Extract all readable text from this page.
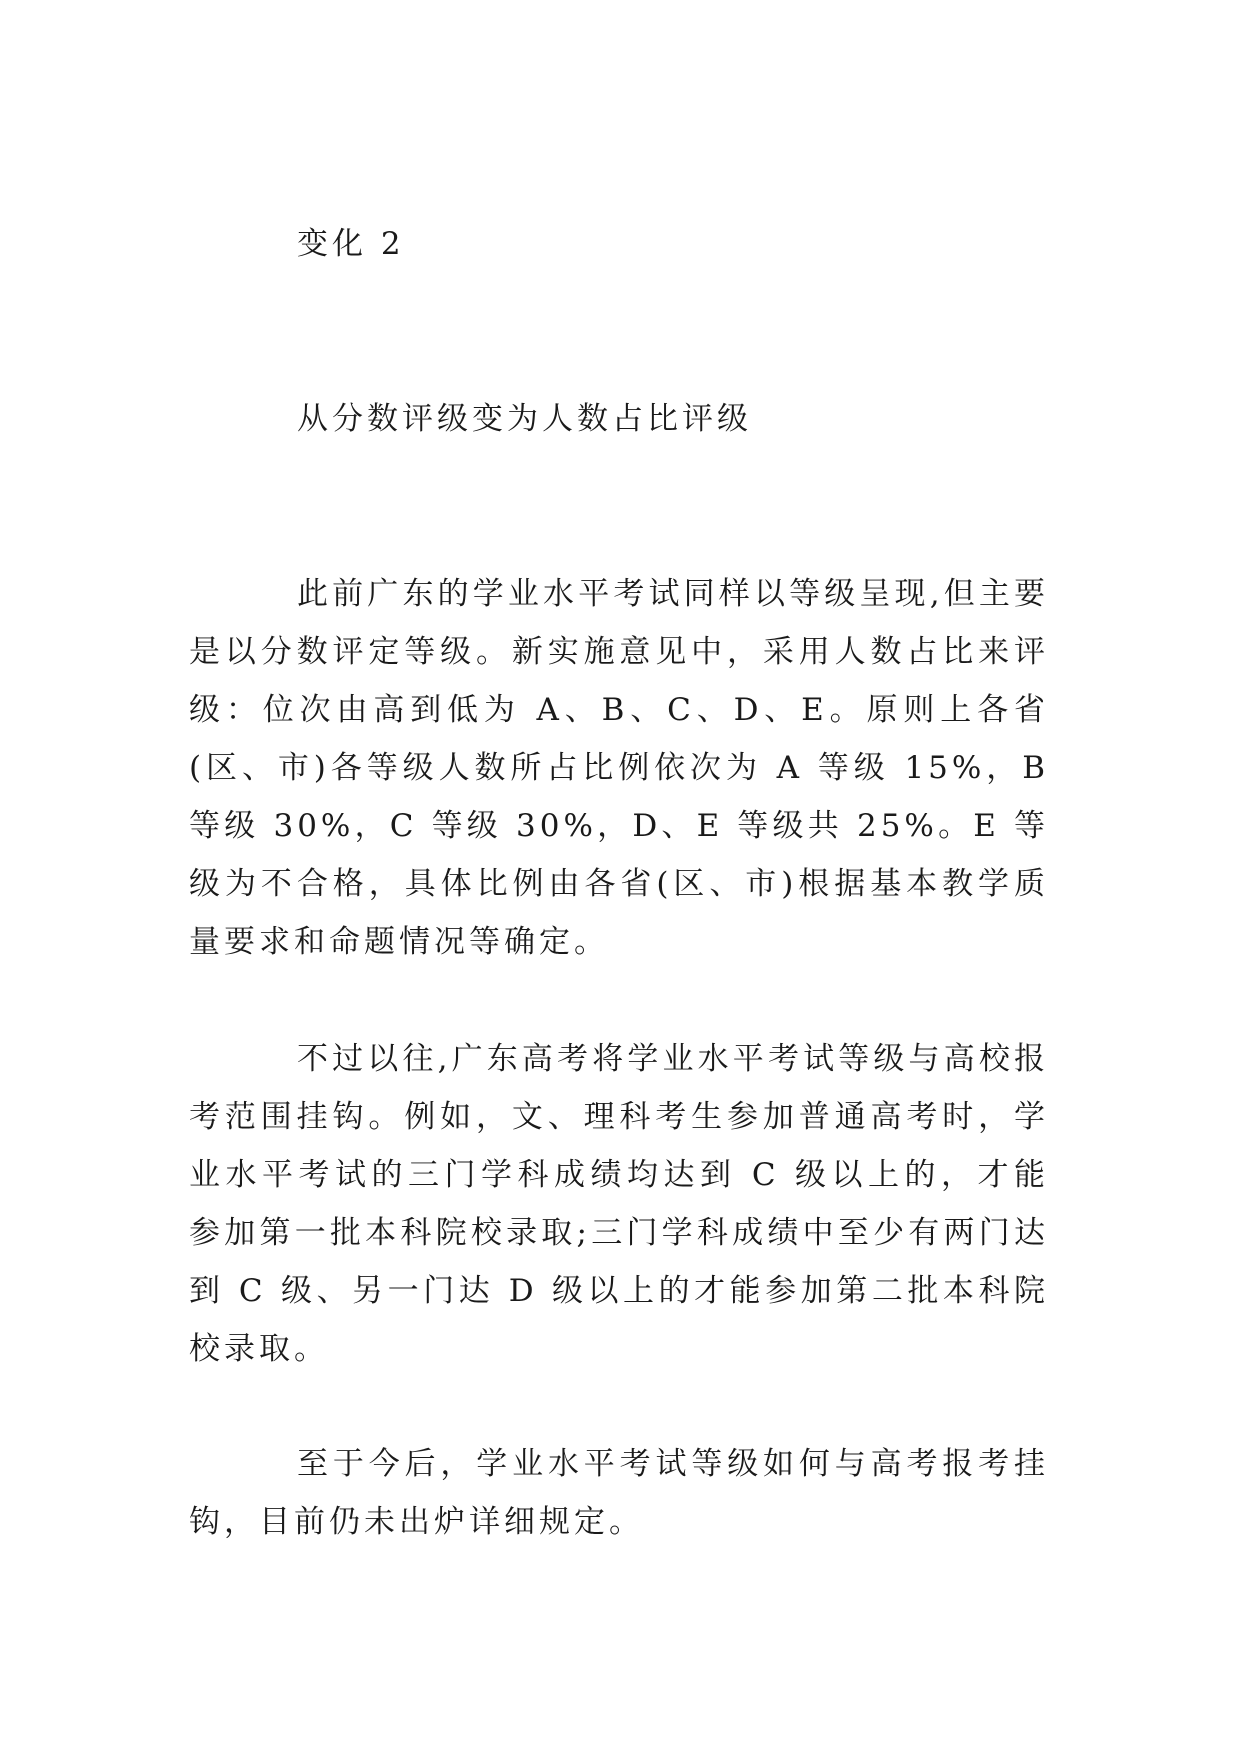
变化 2
从分数评级变为人数占比评级

此前广东的学业水平考试同样以等级呈现,但主要是以分数评定等级。新实施意见中，采用人数占比来评级：位次由高到低为 A、B、C、D、E。原则上各省(区、市)各等级人数所占比例依次为 A 等级 15%，B 等级 30%，C 等级 30%，D、E 等级共 25%。E 等级为不合格，具体比例由各省(区、市)根据基本教学质量要求和命题情况等确定。

不过以往,广东高考将学业水平考试等级与高校报考范围挂钩。例如，文、理科考生参加普通高考时，学业水平考试的三门学科成绩均达到 C 级以上的，才能参加第一批本科院校录取;三门学科成绩中至少有两门达到 C 级、另一门达 D 级以上的才能参加第二批本科院校录取。

至于今后，学业水平考试等级如何与高考报考挂钩，目前仍未出炉详细规定。
